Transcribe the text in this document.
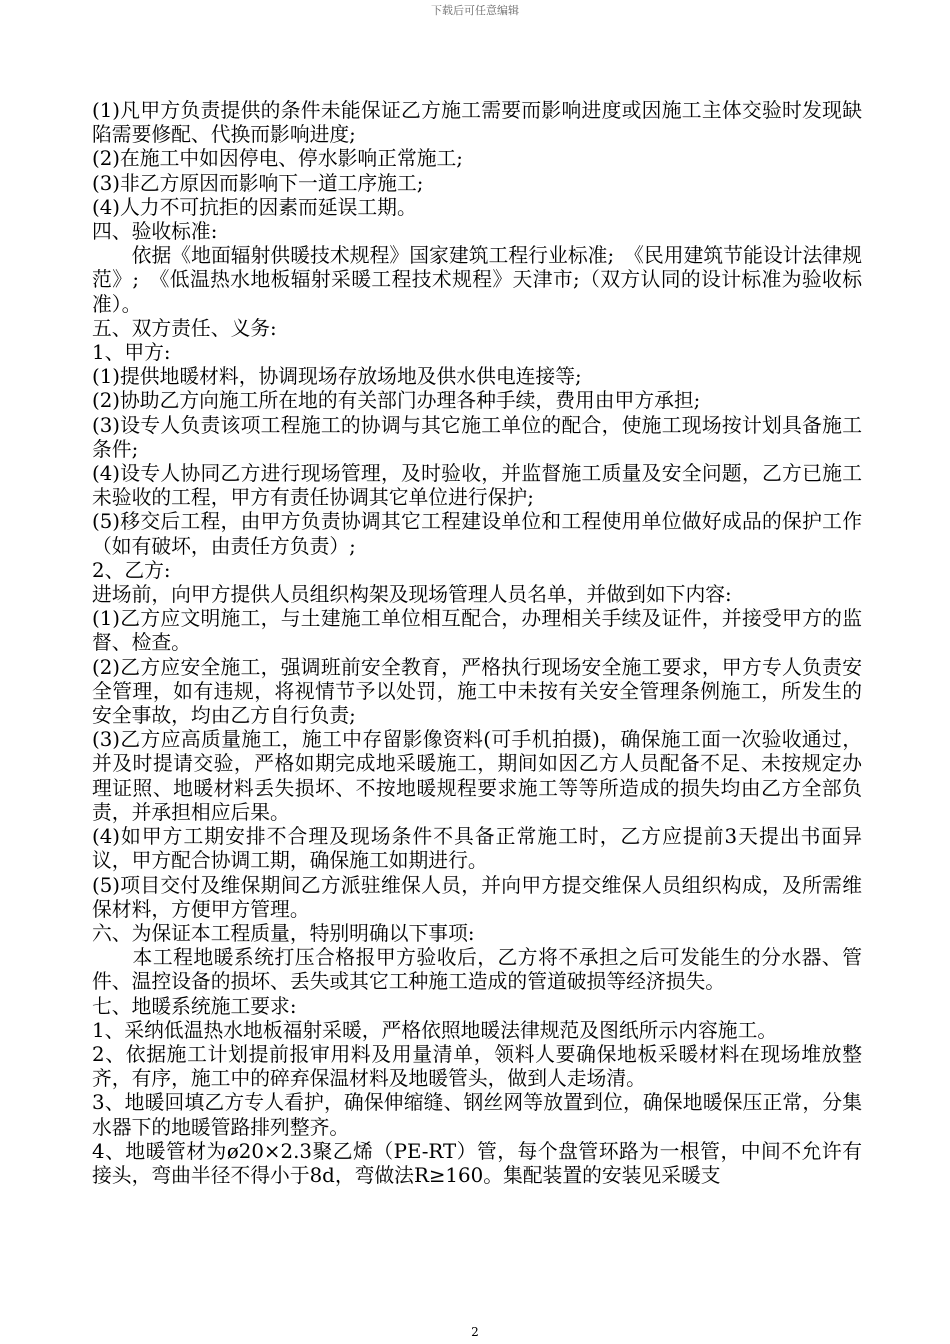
下载后可任意编辑

(1)凡甲方负责提供的条件未能保证乙方施工需要而影响进度或因施工主体交验时发现缺陷需要修配、代换而影响进度;

(2)在施工中如因停电、停水影响正常施工;

(3)非乙方原因而影响下一道工序施工;

(4)人力不可抗拒的因素而延误工期。

四、验收标准:

　　依据《地面辐射供暖技术规程》国家建筑工程行业标准;　《民用建筑节能设计法律规范》;　《低温热水地板辐射采暖工程技术规程》天津市;（双方认同的设计标准为验收标准）。

五、双方责任、义务:

1、甲方:

(1)提供地暖材料，协调现场存放场地及供水供电连接等;

(2)协助乙方向施工所在地的有关部门办理各种手续，费用由甲方承担;

(3)设专人负责该项工程施工的协调与其它施工单位的配合，使施工现场按计划具备施工条件;

(4)设专人协同乙方进行现场管理，及时验收，并监督施工质量及安全问题，乙方已施工未验收的工程，甲方有责任协调其它单位进行保护;

(5)移交后工程，由甲方负责协调其它工程建设单位和工程使用单位做好成品的保护工作（如有破坏，由责任方负责）;

2、乙方:

进场前，向甲方提供人员组织构架及现场管理人员名单，并做到如下内容:

(1)乙方应文明施工，与土建施工单位相互配合，办理相关手续及证件，并接受甲方的监督、检查。

(2)乙方应安全施工，强调班前安全教育，严格执行现场安全施工要求，甲方专人负责安全管理，如有违规，将视情节予以处罚，施工中未按有关安全管理条例施工，所发生的安全事故，均由乙方自行负责;

(3)乙方应高质量施工，施工中存留影像资料(可手机拍摄)，确保施工面一次验收通过，并及时提请交验，严格如期完成地采暖施工，期间如因乙方人员配备不足、未按规定办理证照、地暖材料丢失损坏、不按地暖规程要求施工等等所造成的损失均由乙方全部负责，并承担相应后果。

(4)如甲方工期安排不合理及现场条件不具备正常施工时，乙方应提前3天提出书面异议，甲方配合协调工期，确保施工如期进行。

(5)项目交付及维保期间乙方派驻维保人员，并向甲方提交维保人员组织构成，及所需维保材料，方便甲方管理。

六、为保证本工程质量，特别明确以下事项:

　　本工程地暖系统打压合格报甲方验收后，乙方将不承担之后可发能生的分水器、管件、温控设备的损坏、丢失或其它工种施工造成的管道破损等经济损失。

七、地暖系统施工要求:

1、采纳低温热水地板福射采暖，严格依照地暖法律规范及图纸所示内容施工。

2、依据施工计划提前报审用料及用量清单，领料人要确保地板采暖材料在现场堆放整齐，有序，施工中的碎弃保温材料及地暖管头，做到人走场清。

3、地暖回填乙方专人看护，确保伸缩缝、钢丝网等放置到位，确保地暖保压正常，分集水器下的地暖管路排列整齐。

4、地暖管材为ø20×2.3聚乙烯（PE-RT）管，每个盘管环路为一根管，中间不允许有接头，弯曲半径不得小于8d，弯做法R≥160。集配装置的安装见采暖支

2
